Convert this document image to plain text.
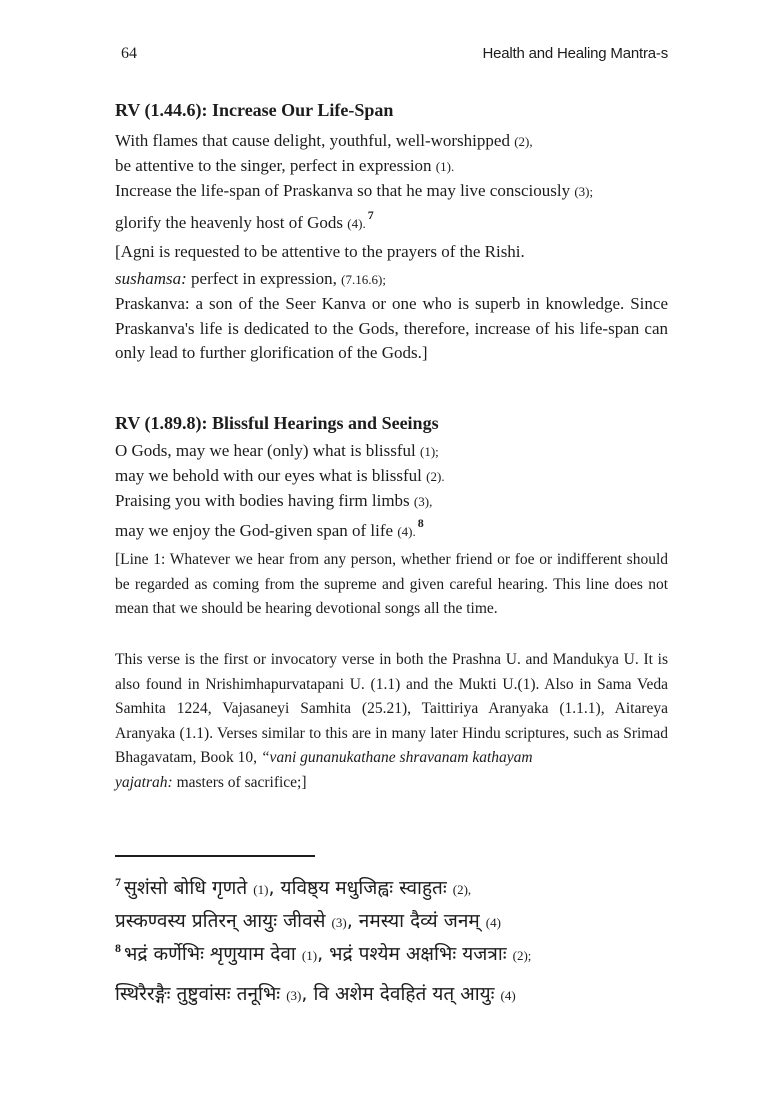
64	Health and Healing Mantra-s
RV (1.44.6): Increase Our Life-Span
With flames that cause delight, youthful, well-worshipped (2),
be attentive to the singer, perfect in expression (1).
Increase the life-span of Praskanva so that he may live consciously (3);
glorify the heavenly host of Gods (4).$^7$
[Agni is requested to be attentive to the prayers of the Rishi.
sushamsa: perfect in expression, (7.16.6);

Praskanva: a son of the Seer Kanva or one who is superb in knowledge. Since Praskanva's life is dedicated to the Gods, therefore, increase of his life-span can only lead to further glorification of the Gods.]

RV (1.89.8): Blissful Hearings and Seeings
O Gods, may we hear (only) what is blissful (1);
may we behold with our eyes what is blissful (2).
Praising you with bodies having firm limbs (3),
may we enjoy the God-given span of life (4).$^8$

[Line 1: Whatever we hear from any person, whether friend or foe or indifferent should be regarded as coming from the supreme and given careful hearing. This line does not mean that we should be hearing devotional songs all the time.

This verse is the first or invocatory verse in both the Prashna U. and Mandukya U. It is also found in Nrishimhapurvatapani U. (1.1) and the Mukti U.(1). Also in Sama Veda Samhita 1224, Vajasaneyi Samhita (25.21), Taittiriya Aranyaka (1.1.1), Aitareya Aranyaka (1.1). Verses similar to this are in many later Hindu scriptures, such as Srimad Bhagavatam, Book 10, “vani gunanukathane shravanam kathayam
yajatrah: masters of sacrifice;]

$^7$ सुशंसो बोधि गृणते (1), यविष्ठ्य मधुजिह्वः स्वाहुतः (2),
प्रस्कण्वस्य प्रतिरन् आयुः जीवसे (3), नमस्या दैव्यं जनम् (4)
$^8$ भद्रं कर्णेभिः शृणुयाम देवा (1), भद्रं पश्येम अक्षभिः यजत्राः (2);
स्थिरैरङ्गैः तुष्टुवांसः तनूभिः (3), वि अशेम देवहितं यत् आयुः (4)
